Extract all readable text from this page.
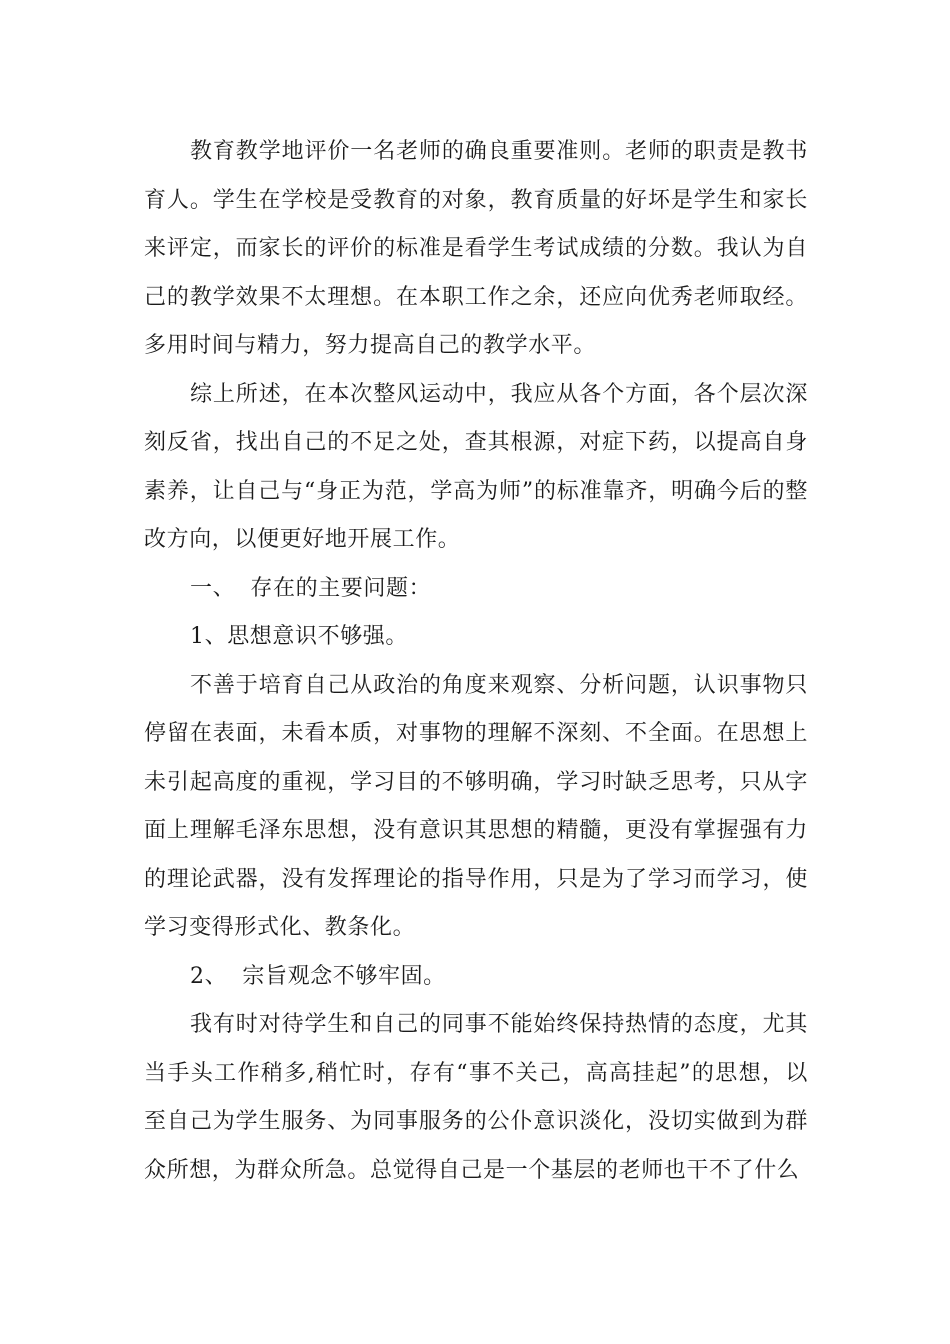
教育教学地评价一名老师的确良重要准则。老师的职责是教书育人。学生在学校是受教育的对象，教育质量的好坏是学生和家长来评定，而家长的评价的标准是看学生考试成绩的分数。我认为自己的教学效果不太理想。在本职工作之余，还应向优秀老师取经。多用时间与精力，努力提高自己的教学水平。

综上所述，在本次整风运动中，我应从各个方面，各个层次深刻反省，找出自己的不足之处，查其根源，对症下药，以提高自身素养，让自己与“身正为范，学高为师”的标准靠齐，明确今后的整改方向，以便更好地开展工作。

一、  存在的主要问题：

1、思想意识不够强。

不善于培育自己从政治的角度来观察、分析问题，认识事物只停留在表面，未看本质，对事物的理解不深刻、不全面。在思想上未引起高度的重视，学习目的不够明确，学习时缺乏思考，只从字面上理解毛泽东思想，没有意识其思想的精髓，更没有掌握强有力的理论武器，没有发挥理论的指导作用，只是为了学习而学习，使学习变得形式化、教条化。

2、  宗旨观念不够牢固。

我有时对待学生和自己的同事不能始终保持热情的态度，尤其当手头工作稍多,稍忙时，存有“事不关己，高高挂起”的思想，以至自己为学生服务、为同事服务的公仆意识淡化，没切实做到为群众所想，为群众所急。总觉得自己是一个基层的老师也干不了什么
